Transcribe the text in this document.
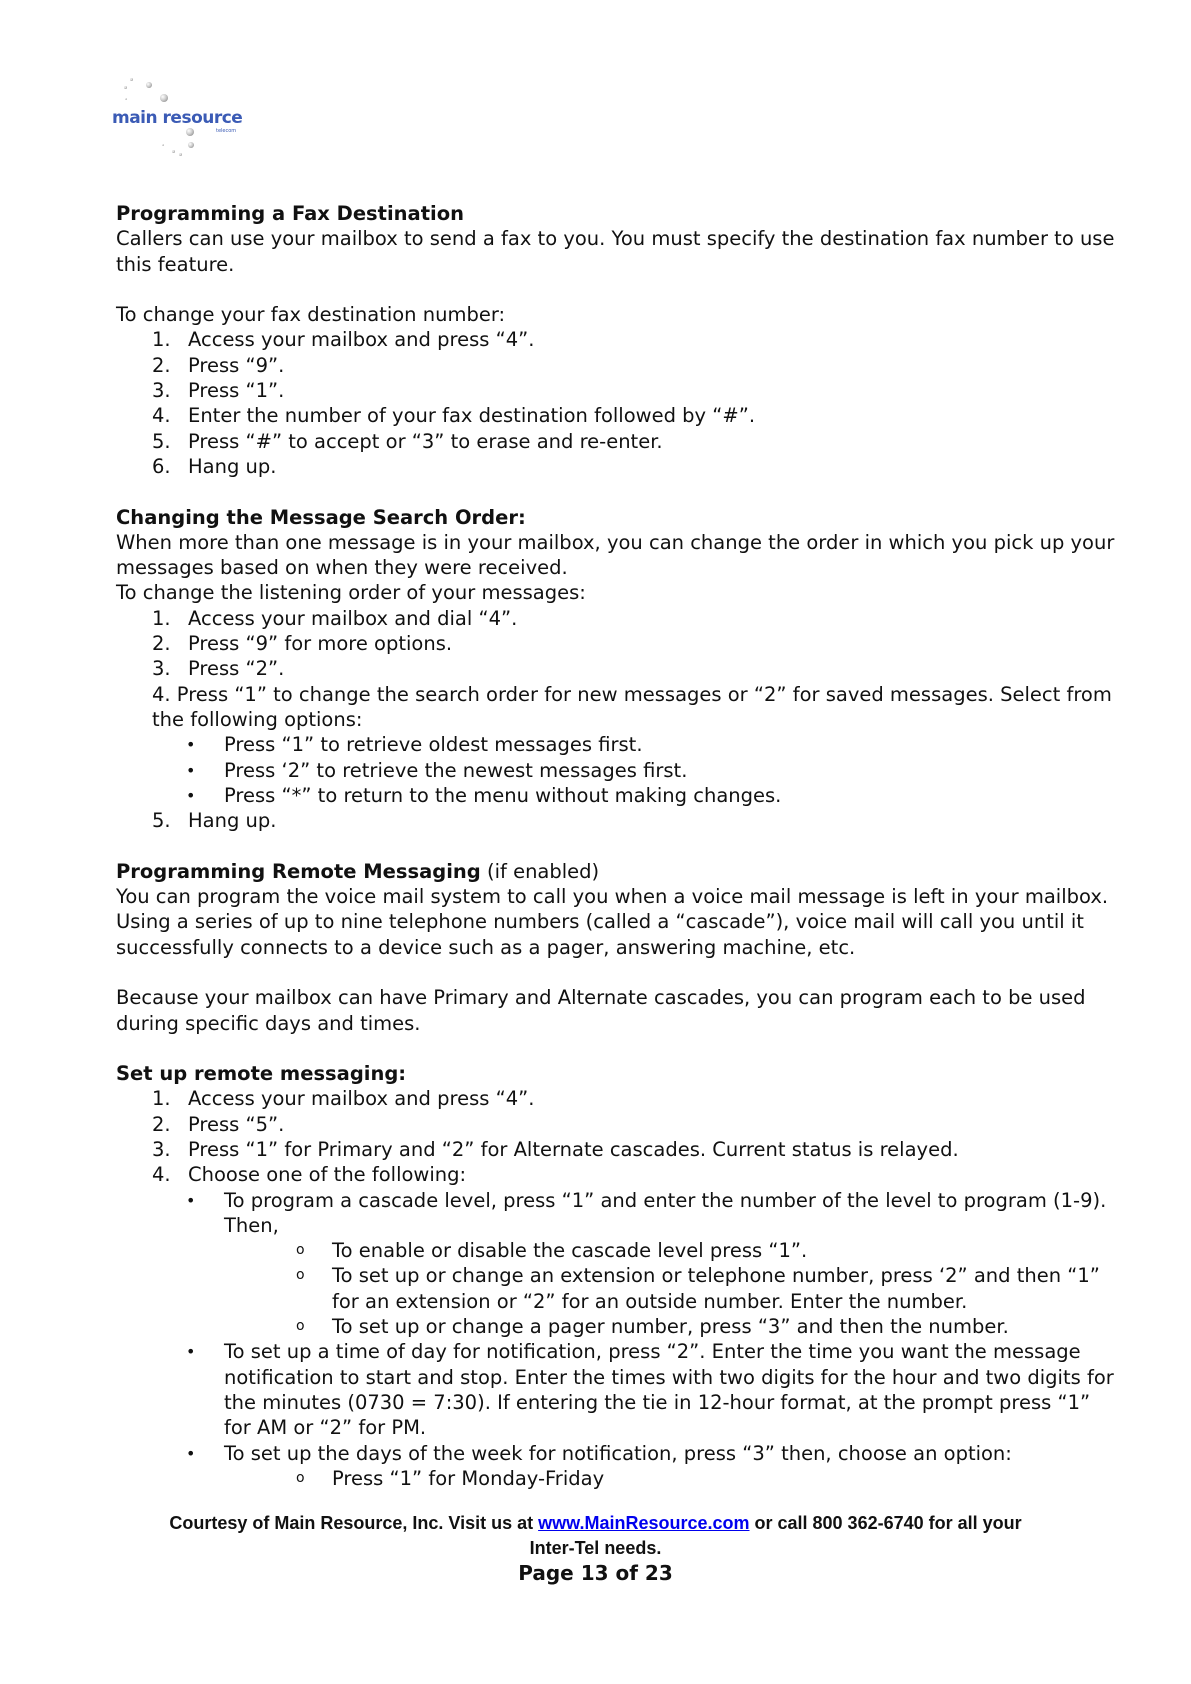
main resource
telecom

Programming a Fax Destination

Callers can use your mailbox to send a fax to you. You must specify the destination fax number to use this feature.

To change your fax destination number:

1. Access your mailbox and press “4”.
2. Press “9”.
3. Press “1”.
4. Enter the number of your fax destination followed by “#”.
5. Press “#” to accept or “3” to erase and re-enter.
6. Hang up.

Changing the Message Search Order:

When more than one message is in your mailbox, you can change the order in which you pick up your messages based on when they were received.

To change the listening order of your messages:

1. Access your mailbox and dial “4”.
2. Press “9” for more options.
3. Press “2”.
4. Press “1” to change the search order for new messages or “2” for saved messages. Select from the following options:
• Press “1” to retrieve oldest messages first.
• Press ‘2” to retrieve the newest messages first.
• Press “*” to return to the menu without making changes.
5. Hang up.

Programming Remote Messaging (if enabled)

You can program the voice mail system to call you when a voice mail message is left in your mailbox. Using a series of up to nine telephone numbers (called a “cascade”), voice mail will call you until it successfully connects to a device such as a pager, answering machine, etc.

Because your mailbox can have Primary and Alternate cascades, you can program each to be used during specific days and times.

Set up remote messaging:

1. Access your mailbox and press “4”.
2. Press “5”.
3. Press “1” for Primary and “2” for Alternate cascades. Current status is relayed.
4. Choose one of the following:
• To program a cascade level, press “1” and enter the number of the level to program (1-9). Then,
o To enable or disable the cascade level press “1”.
o To set up or change an extension or telephone number, press ‘2” and then “1” for an extension or “2” for an outside number. Enter the number.
o To set up or change a pager number, press “3” and then the number.
• To set up a time of day for notification, press “2”. Enter the time you want the message notification to start and stop. Enter the times with two digits for the hour and two digits for the minutes (0730 = 7:30). If entering the tie in 12-hour format, at the prompt press “1” for AM or “2” for PM.
• To set up the days of the week for notification, press “3” then, choose an option:
o Press “1” for Monday-Friday
Courtesy of Main Resource, Inc. Visit us at www.MainResource.com or call 800 362-6740 for all your
Inter-Tel needs.
Page 13 of 23
